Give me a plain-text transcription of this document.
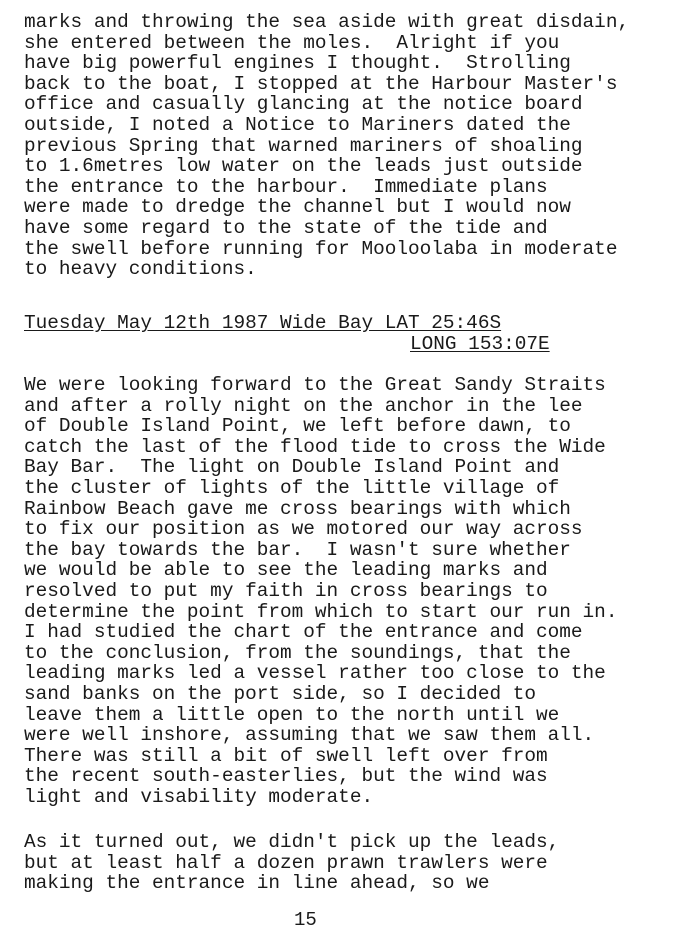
marks and throwing the sea aside with great disdain,
she entered between the moles.  Alright if you
have big powerful engines I thought.  Strolling
back to the boat, I stopped at the Harbour Master's
office and casually glancing at the notice board
outside, I noted a Notice to Mariners dated the
previous Spring that warned mariners of shoaling
to 1.6metres low water on the leads just outside
the entrance to the harbour.  Immediate plans
were made to dredge the channel but I would now
have some regard to the state of the tide and
the swell before running for Mooloolaba in moderate
to heavy conditions.

Tuesday May 12th 1987 Wide Bay LAT 25:46S

LONG 153:07E

We were looking forward to the Great Sandy Straits
and after a rolly night on the anchor in the lee
of Double Island Point, we left before dawn, to
catch the last of the flood tide to cross the Wide
Bay Bar.  The light on Double Island Point and
the cluster of lights of the little village of
Rainbow Beach gave me cross bearings with which
to fix our position as we motored our way across
the bay towards the bar.  I wasn't sure whether
we would be able to see the leading marks and
resolved to put my faith in cross bearings to
determine the point from which to start our run in.
I had studied the chart of the entrance and come
to the conclusion, from the soundings, that the
leading marks led a vessel rather too close to the
sand banks on the port side, so I decided to
leave them a little open to the north until we
were well inshore, assuming that we saw them all.
There was still a bit of swell left over from
the recent south-easterlies, but the wind was
light and visability moderate.

As it turned out, we didn't pick up the leads,
but at least half a dozen prawn trawlers were
making the entrance in line ahead, so we

15
